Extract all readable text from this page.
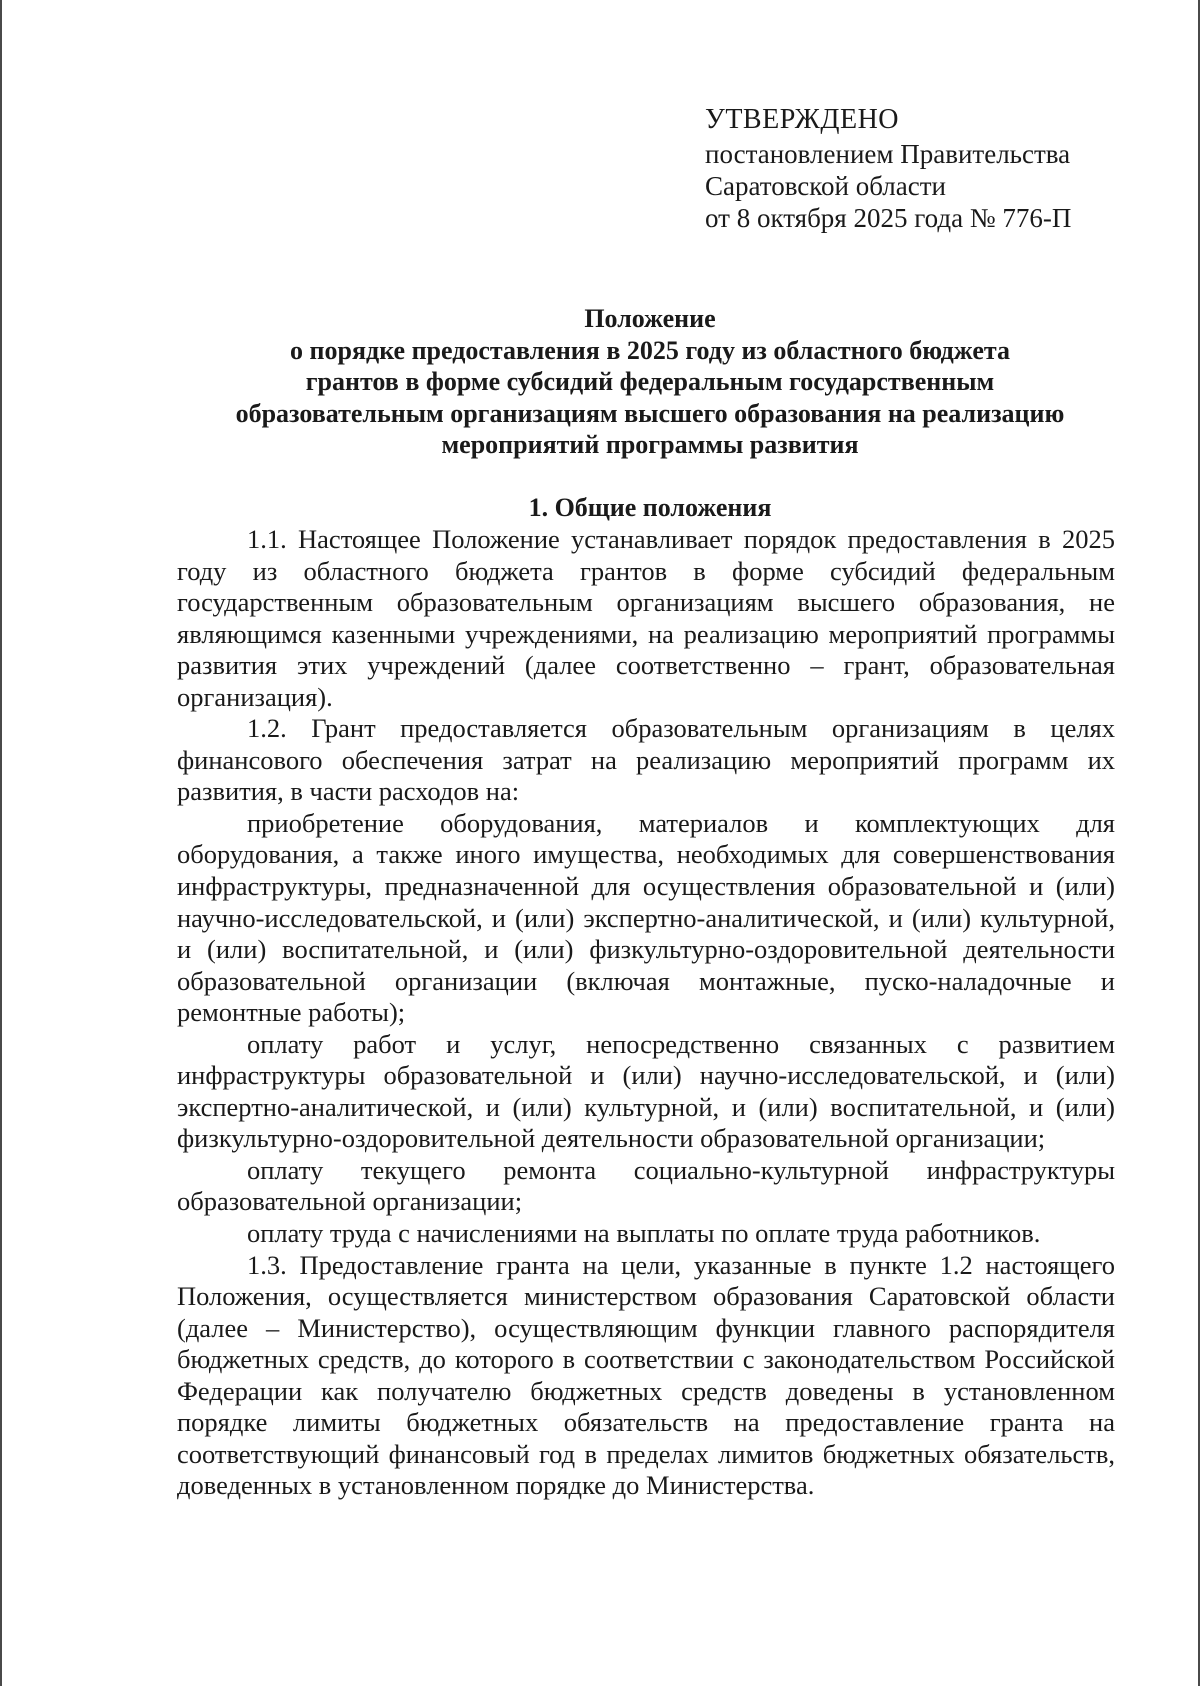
УТВЕРЖДЕНО
постановлением Правительства
Саратовской области
от 8 октября 2025 года № 776-П
Положение
о порядке предоставления в 2025 году из областного бюджета
грантов в форме субсидий федеральным государственным
образовательным организациям высшего образования на реализацию
мероприятий программы развития
1. Общие положения

1.1. Настоящее Положение устанавливает порядок предоставления в 2025 году из областного бюджета грантов в форме субсидий федеральным государственным образовательным организациям высшего образования, не являющимся казенными учреждениями, на реализацию мероприятий программы развития этих учреждений (далее соответственно – грант, образовательная организация).

1.2. Грант предоставляется образовательным организациям в целях финансового обеспечения затрат на реализацию мероприятий программ их развития, в части расходов на:

приобретение оборудования, материалов и комплектующих для оборудования, а также иного имущества, необходимых для совершенствования инфраструктуры, предназначенной для осуществления образовательной и (или) научно-исследовательской, и (или) экспертно-аналитической, и (или) культурной, и (или) воспитательной, и (или) физкультурно-оздоровительной деятельности образовательной организации (включая монтажные, пуско-наладочные и ремонтные работы);

оплату работ и услуг, непосредственно связанных с развитием инфраструктуры образовательной и (или) научно-исследовательской, и (или) экспертно-аналитической, и (или) культурной, и (или) воспитательной, и (или) физкультурно-оздоровительной деятельности образовательной организации;

оплату текущего ремонта социально-культурной инфраструктуры образовательной организации;

оплату труда с начислениями на выплаты по оплате труда работников.

1.3. Предоставление гранта на цели, указанные в пункте 1.2 настоящего Положения, осуществляется министерством образования Саратовской области (далее – Министерство), осуществляющим функции главного распорядителя бюджетных средств, до которого в соответствии с законодательством Российской Федерации как получателю бюджетных средств доведены в установленном порядке лимиты бюджетных обязательств на предоставление гранта на соответствующий финансовый год в пределах лимитов бюджетных обязательств, доведенных в установленном порядке до Министерства.
